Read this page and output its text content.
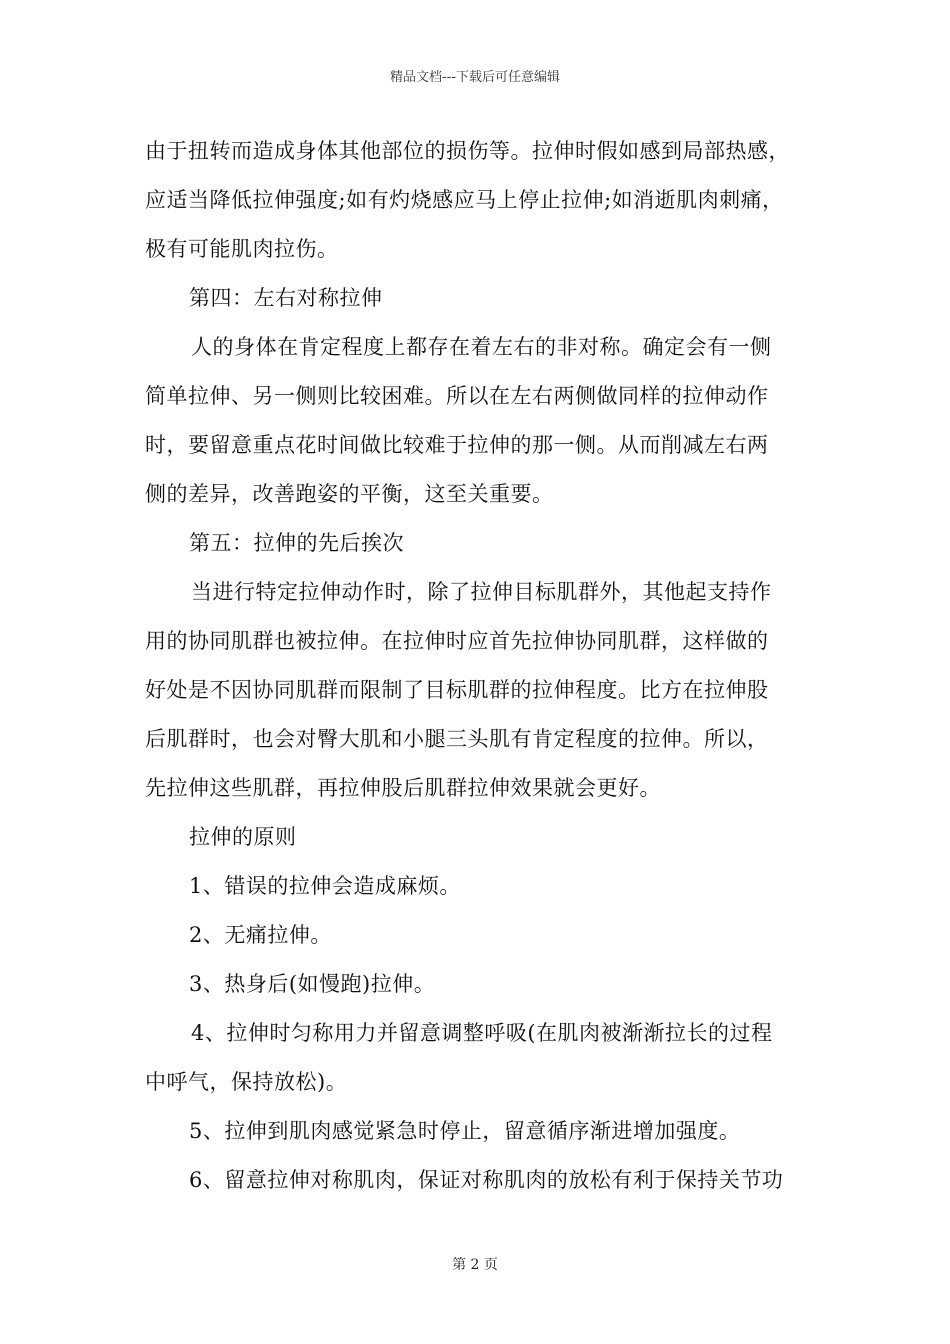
精品文档---下载后可任意编辑

由于扭转而造成身体其他部位的损伤等。拉伸时假如感到局部热感，
应适当降低拉伸强度;如有灼烧感应马上停止拉伸;如消逝肌肉刺痛，
极有可能肌肉拉伤。

第四：左右对称拉伸

人的身体在肯定程度上都存在着左右的非对称。确定会有一侧
简单拉伸、另一侧则比较困难。所以在左右两侧做同样的拉伸动作
时，要留意重点花时间做比较难于拉伸的那一侧。从而削减左右两
侧的差异，改善跑姿的平衡，这至关重要。

第五：拉伸的先后挨次

当进行特定拉伸动作时，除了拉伸目标肌群外，其他起支持作
用的协同肌群也被拉伸。在拉伸时应首先拉伸协同肌群，这样做的
好处是不因协同肌群而限制了目标肌群的拉伸程度。比方在拉伸股
后肌群时，也会对臀大肌和小腿三头肌有肯定程度的拉伸。所以，
先拉伸这些肌群，再拉伸股后肌群拉伸效果就会更好。

拉伸的原则

1、错误的拉伸会造成麻烦。

2、无痛拉伸。

3、热身后(如慢跑)拉伸。

4、拉伸时匀称用力并留意调整呼吸(在肌肉被渐渐拉长的过程
中呼气，保持放松)。

5、拉伸到肌肉感觉紧急时停止，留意循序渐进增加强度。

6、留意拉伸对称肌肉，保证对称肌肉的放松有利于保持关节功

第 2 页
